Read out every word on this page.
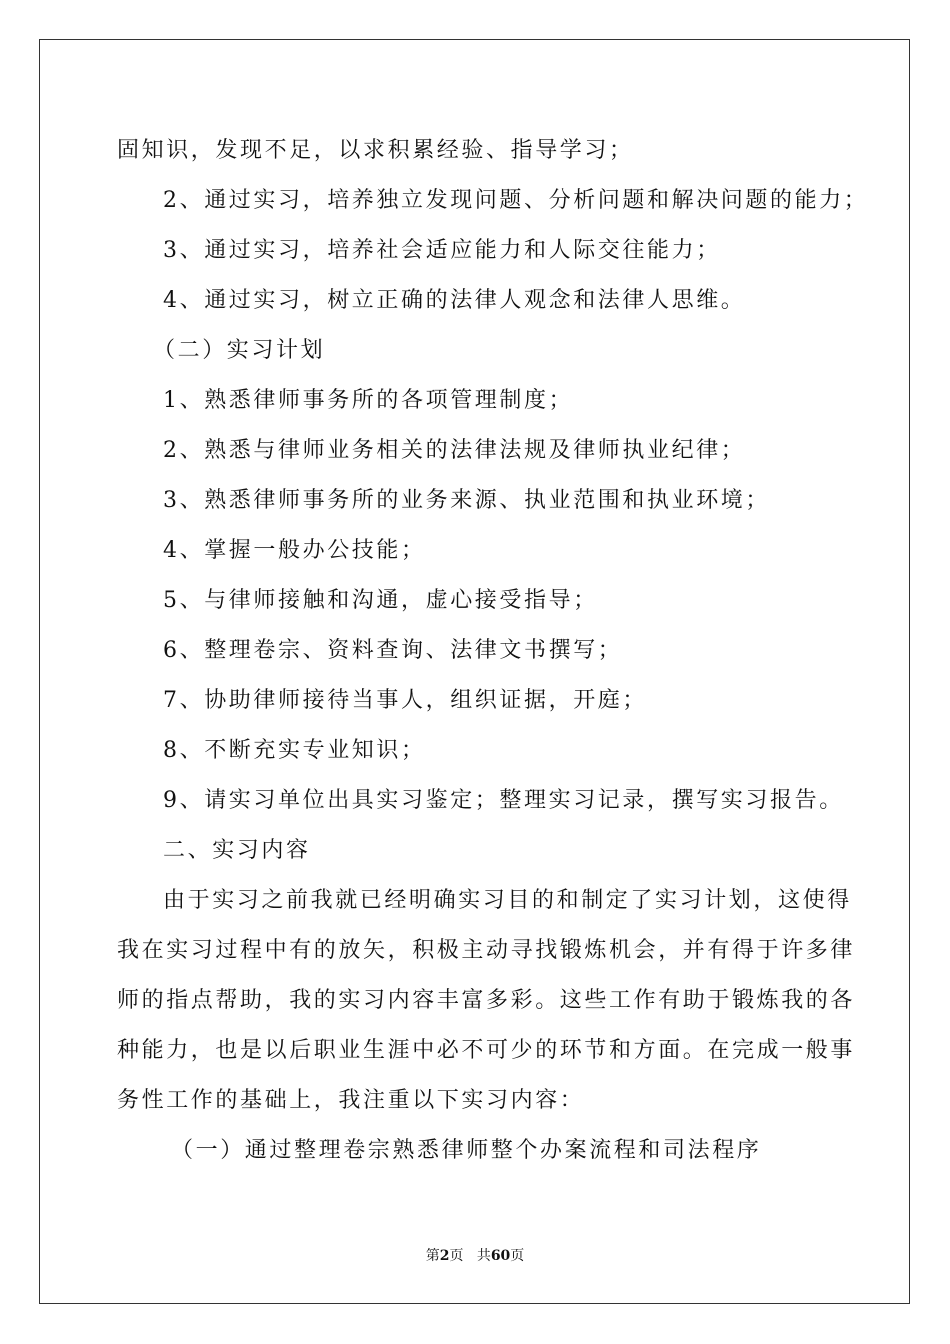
固知识，发现不足，以求积累经验、指导学习；
2、通过实习，培养独立发现问题、分析问题和解决问题的能力；
3、通过实习，培养社会适应能力和人际交往能力；
4、通过实习，树立正确的法律人观念和法律人思维。
（二）实习计划
1、熟悉律师事务所的各项管理制度；
2、熟悉与律师业务相关的法律法规及律师执业纪律；
3、熟悉律师事务所的业务来源、执业范围和执业环境；
4、掌握一般办公技能；
5、与律师接触和沟通，虚心接受指导；
6、整理卷宗、资料查询、法律文书撰写；
7、协助律师接待当事人，组织证据，开庭；
8、不断充实专业知识；
9、请实习单位出具实习鉴定；整理实习记录，撰写实习报告。
二、实习内容
由于实习之前我就已经明确实习目的和制定了实习计划，这使得
我在实习过程中有的放矢，积极主动寻找锻炼机会，并有得于许多律
师的指点帮助，我的实习内容丰富多彩。这些工作有助于锻炼我的各
种能力，也是以后职业生涯中必不可少的环节和方面。在完成一般事
务性工作的基础上，我注重以下实习内容：
（一）通过整理卷宗熟悉律师整个办案流程和司法程序
第2页 共60页
